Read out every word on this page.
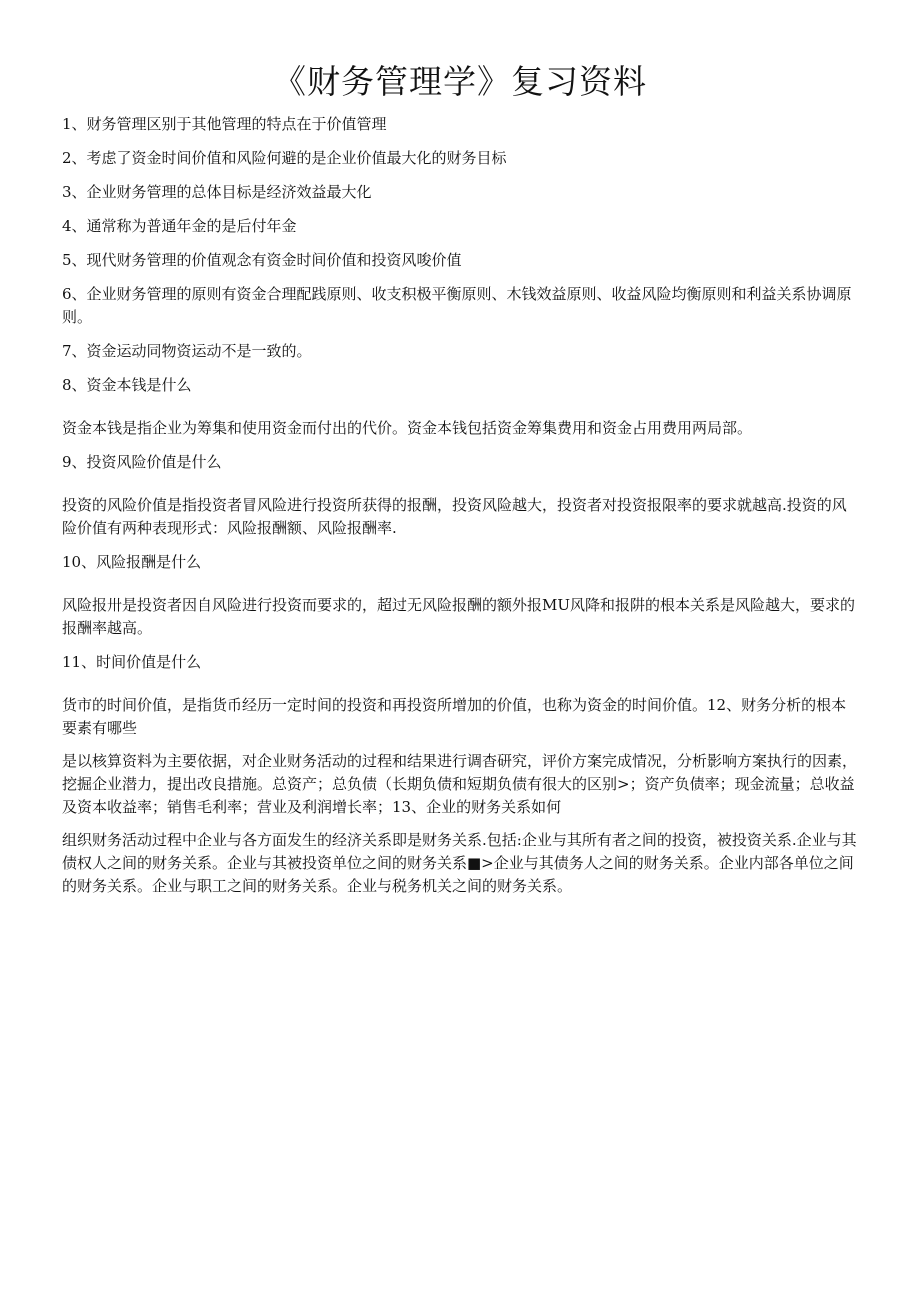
《财务管理学》复习资料

1、财务管理区别于其他管理的特点在于价值管理

2、考虑了资金时间价值和风险何避的是企业价值最大化的财务目标

3、企业财务管理的总体目标是经济效益最大化

4、通常称为普通年金的是后付年金

5、现代财务管理的价值观念有资金时间价值和投资风唆价值

6、企业财务管理的原则有资金合理配践原则、收支积极平衡原则、木钱效益原则、收益风险均衡原则和利益关系协调原则。

7、资金运动同物资运动不是一致的。

8、资金本钱是什么

资金本钱是指企业为筹集和使用资金而付出的代价。资金本钱包括资金筹集费用和资金占用费用两局部。

9、投资风险价值是什么

投资的风险价值是指投资者冒风险进行投资所获得的报酬，投资风险越大，投资者对投资报限率的要求就越高.投资的风险价值有两种表现形式：风险报酬额、风险报酬率.

10、风险报酬是什么

风险报卅是投资者因自风险进行投资而要求的，超过无风险报酬的额外报MU风降和报阱的根本关系是风险越大，要求的报酬率越高。

11、时间价值是什么

货市的时间价值，是指货币经历一定时间的投资和再投资所增加的价值，也称为资金的时间价值。12、财务分析的根本要素有哪些

是以核算资料为主要依据，对企业财务活动的过程和结果进行调杳研究，评价方案完成情况，分析影响方案执行的因素，挖掘企业潜力，提出改良措施。总资产；总负债（长期负债和短期负债有很大的区别>；资产负债率；现金流量；总收益及资本收益率；销售毛利率；营业及利润增长率；13、企业的财务关系如何

组织财务活动过程中企业与各方面发生的经济关系即是财务关系.包括:企业与其所有者之间的投资，被投资关系.企业与其债权人之间的财务关系。企业与其被投资单位之间的财务关系■>企业与其债务人之间的财务关系。企业内部各单位之间的财务关系。企业与职工之间的财务关系。企业与税务机关之间的财务关系。
